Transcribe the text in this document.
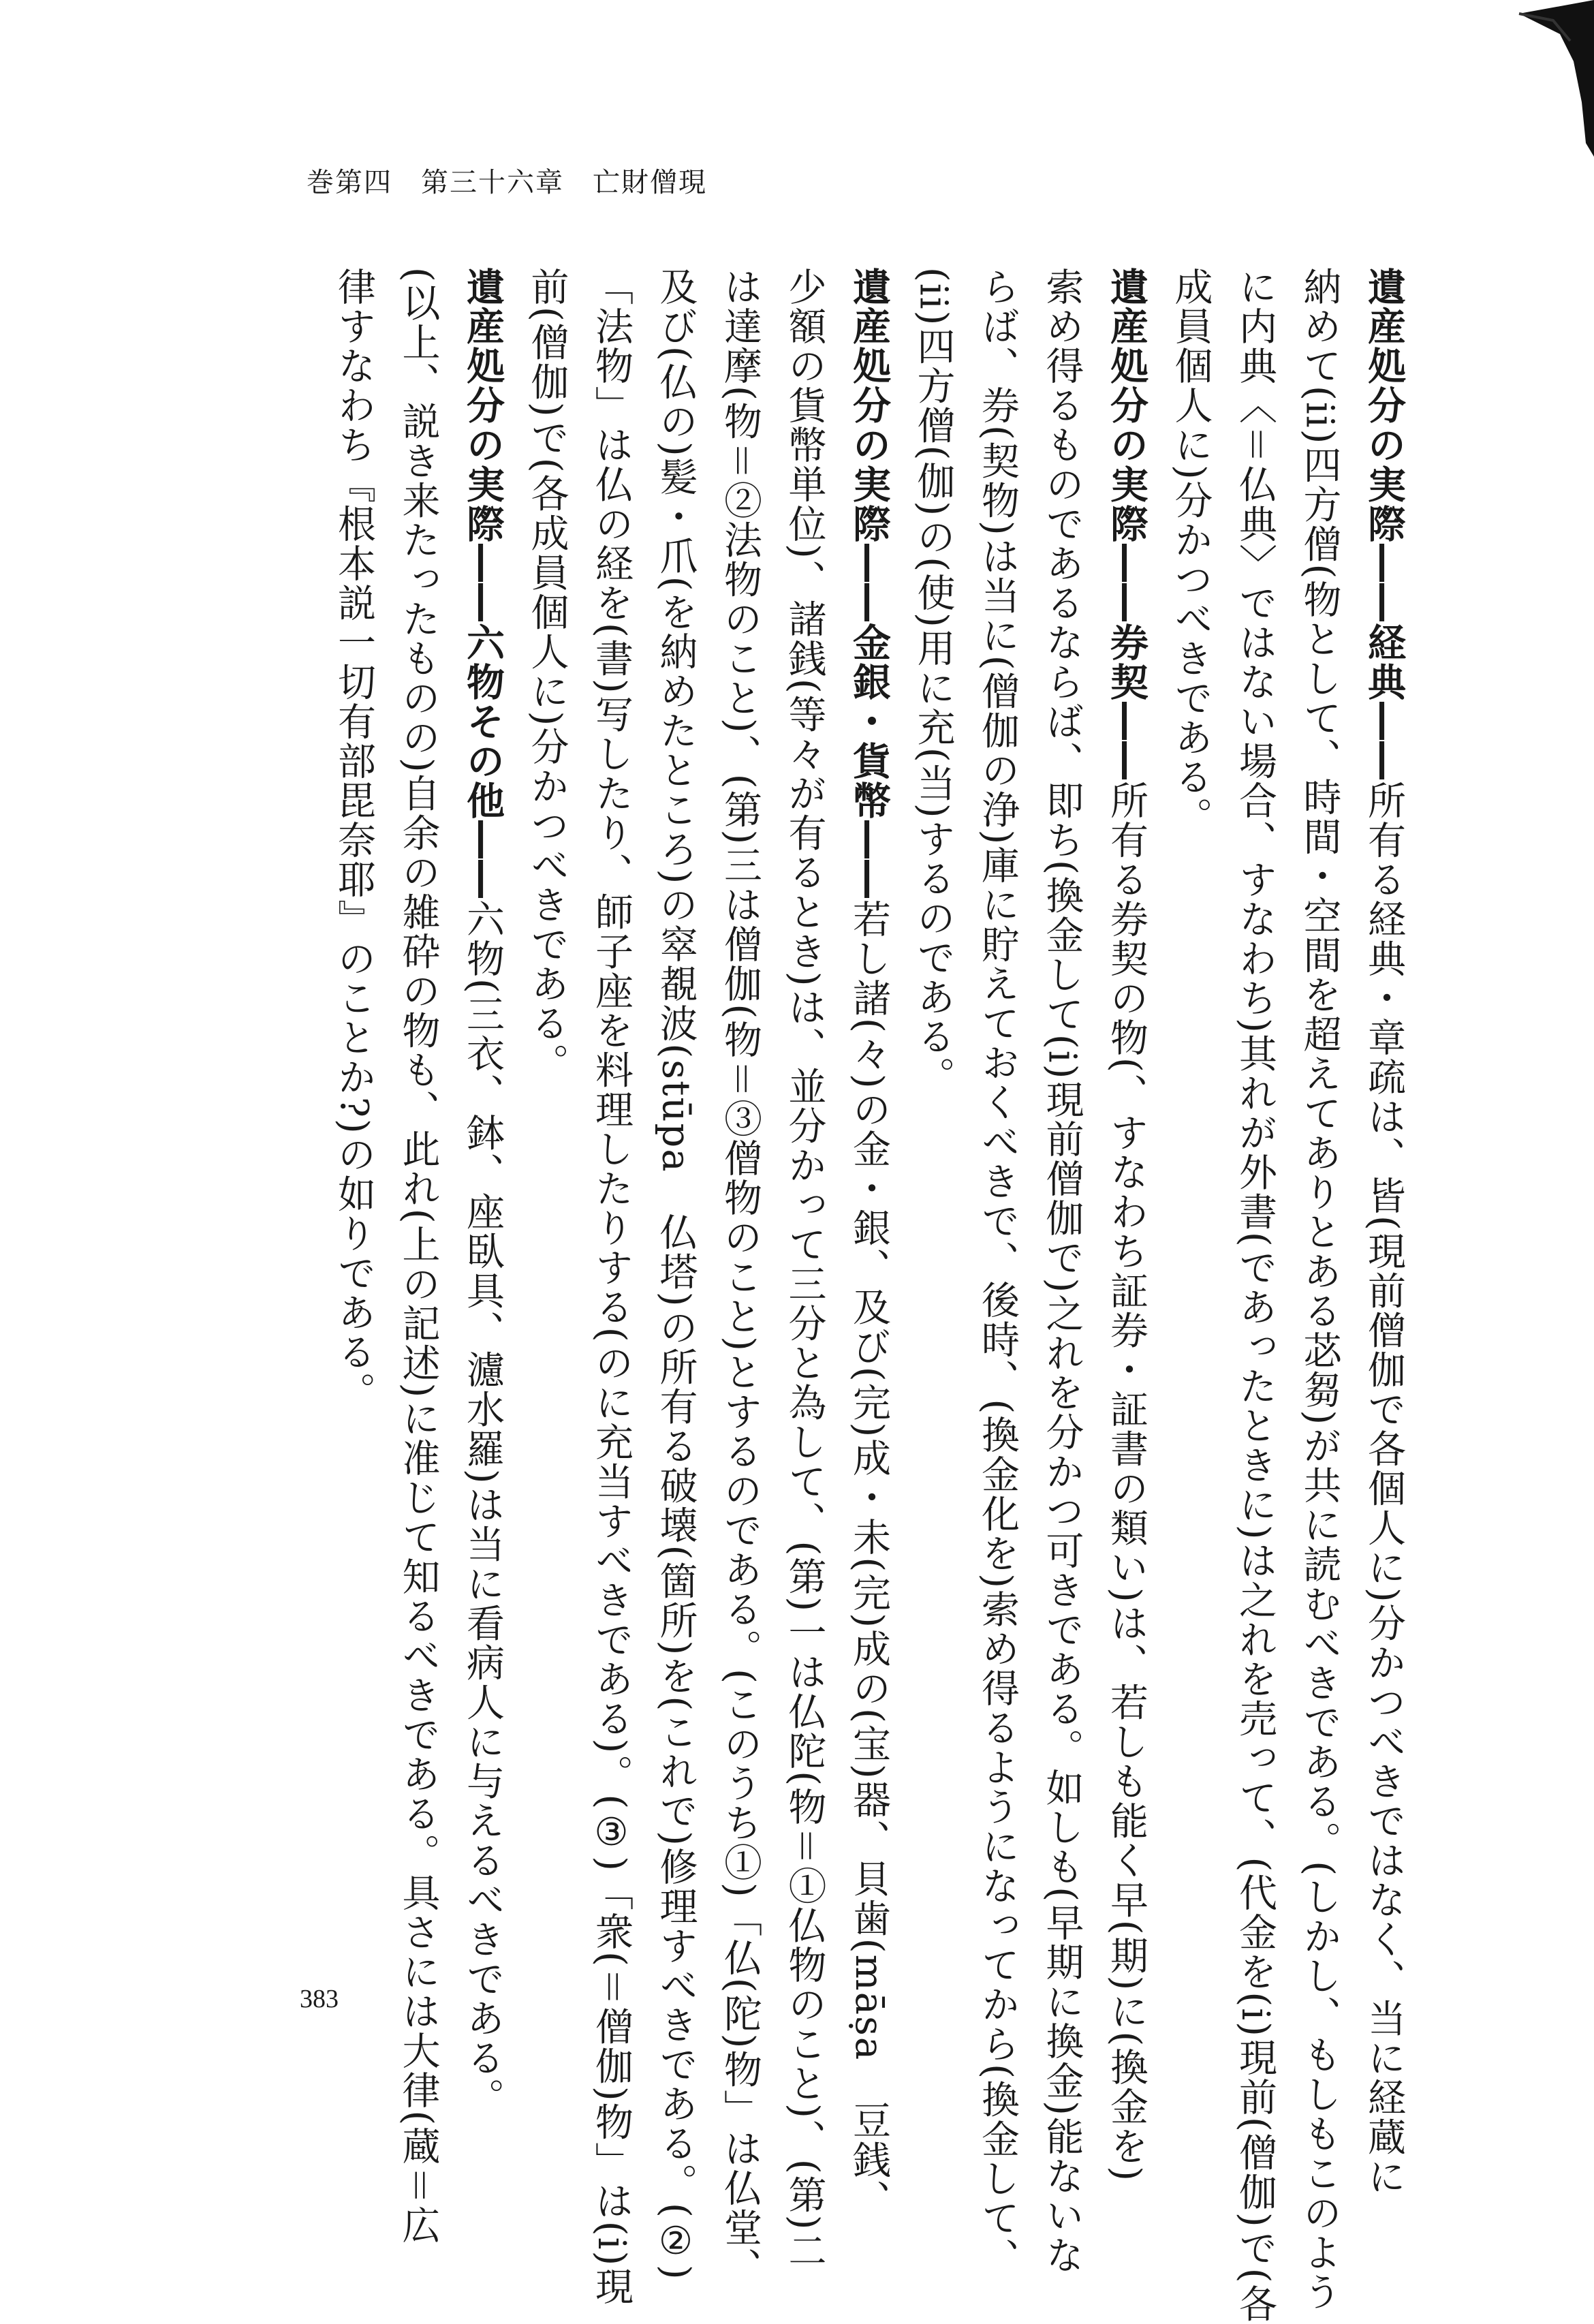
巻第四　第三十六章　亡財僧現
遺産処分の実際――経典――所有る経典・章疏は、皆(現前僧伽で各個人に)分かつべきではなく、当に経蔵に
納めて(ii)四方僧(物として、時間・空間を超えてありとある苾芻)が共に読むべきである。(しかし、もしもこのよう
に内典〈＝仏典〉ではない場合、すなわち)其れが外書(であったときに)は之れを売って、(代金を(i)現前(僧伽)で(各
成員個人に)分かつべきである。
遺産処分の実際――券契――所有る券契の物(、すなわち証券・証書の類い)は、若しも能く早(期)に(換金を)
索め得るものであるならば、即ち(換金して(i)現前僧伽で)之れを分かつ可きである。如しも(早期に換金)能ないな
らば、券(契物)は当に(僧伽の浄)庫に貯えておくべきで、後時、(換金化を)索め得るようになってから(換金して、
(ii)四方僧(伽)の(使)用に充(当)するのである。
遺産処分の実際――金銀・貨幣――若し諸(々)の金・銀、及び(完)成・未(完)成の(宝)器、貝歯(māṣa　豆銭、
少額の貨幣単位)、諸銭(等々が有るとき)は、並分かって三分と為して、(第)一は仏陀(物＝①仏物のこと)、(第)二
は達摩(物＝②法物のこと)、(第)三は僧伽(物＝③僧物のこと)とするのである。(このうち①)「仏(陀)物」は仏堂、
及び(仏の)髪・爪(を納めたところ)の窣覩波(stūpa　仏塔)の所有る破壊(箇所)を(これで)修理すべきである。(②)
「法物」は仏の経を(書)写したり、師子座を料理したりする(のに充当すべきである)。(③)「衆(＝僧伽)物」は(i)現
前(僧伽)で(各成員個人に)分かつべきである。
遺産処分の実際――六物その他――六物(三衣、鉢、座臥具、濾水羅)は当に看病人に与えるべきである。
(以上、説き来たったものの)自余の雑砕の物も、此れ(上の記述)に准じて知るべきである。具さには大律(蔵＝広
律すなわち『根本説一切有部毘奈耶』のことか?)の如りである。
383
